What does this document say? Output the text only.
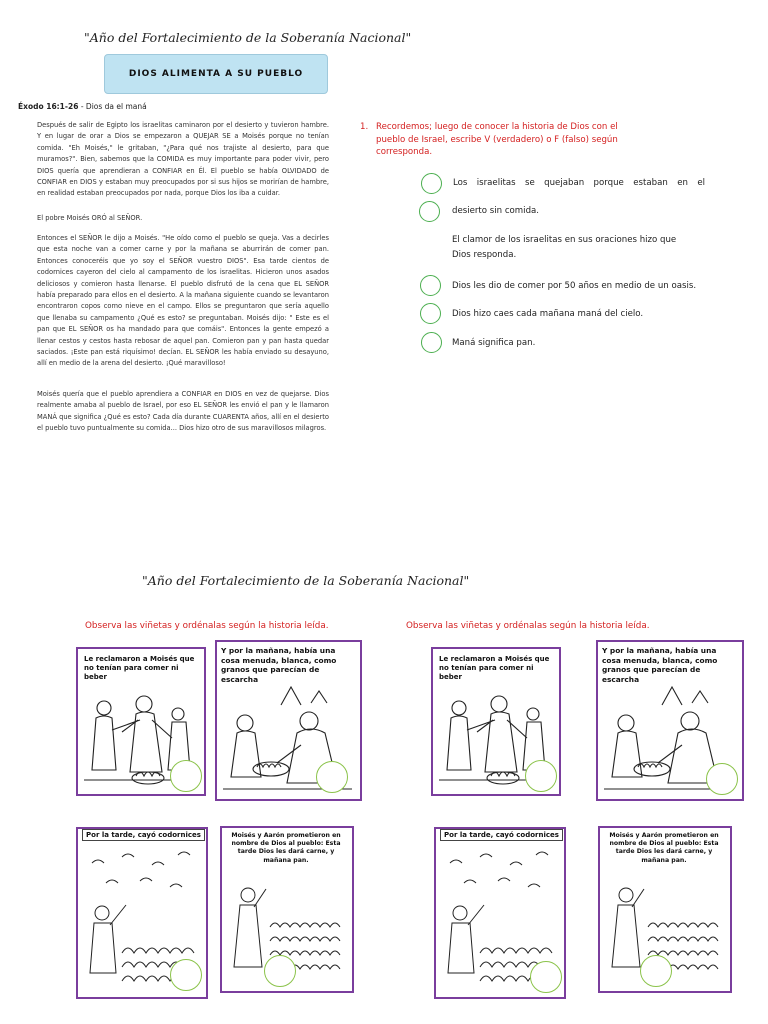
"Año del Fortalecimiento de la Soberanía Nacional"
DIOS ALIMENTA A SU PUEBLO
Éxodo 16:1-26 - Dios da el maná
Después de salir de Egipto los israelitas caminaron por el desierto y tuvieron hambre. Y en lugar de orar a Dios se empezaron a QUEJAR SE a Moisés porque no tenían comida. "Eh Moisés," le gritaban, "¿Para qué nos trajiste al desierto, para que muramos?". Bien, sabemos que la COMIDA es muy importante para poder vivir, pero DIOS quería que aprendieran a CONFIAR en Él. El pueblo se había OLVIDADO de CONFIAR en DIOS y estaban muy preocupados por si sus hijos se morirían de hambre, en realidad estaban preocupados por nada, porque Dios los iba a cuidar.
El pobre Moisés ORÓ al SEÑOR.
Entonces el SEÑOR le dijo a Moisés. "He oído como el pueblo se queja. Vas a decirles que esta noche van a comer carne y por la mañana se aburrirán de comer pan. Entonces conoceréis que yo soy el SEÑOR vuestro DIOS". Esa tarde cientos de codornices cayeron del cielo al campamento de los israelitas. Hicieron unos asados deliciosos y comieron hasta llenarse. El pueblo disfrutó de la cena que EL SEÑOR había preparado para ellos en el desierto. A la mañana siguiente cuando se levantaron encontraron copos como nieve en el campo. Ellos se preguntaron que sería aquello que llenaba su campamento ¿Qué es esto? se preguntaban. Moisés dijo: " Este es el pan que EL SEÑOR os ha mandado para que comáis". Entonces la gente empezó a llenar cestos y cestos hasta rebosar de aquel pan. Comieron pan y pan hasta quedar saciados. ¡Este pan está riquísimo! decían. EL SEÑOR les había enviado su desayuno, allí en medio de la arena del desierto. ¡Qué maravilloso!
Moisés quería que el pueblo aprendiera a CONFIAR en DIOS en vez de quejarse. Dios realmente amaba al pueblo de Israel, por eso EL SEÑOR les envió el pan y le llamaron MANÁ que significa ¿Qué es esto? Cada día durante CUARENTA años, allí en el desierto el pueblo tuvo puntualmente su comida... Dios hizo otro de sus maravillosos milagros.
1. Recordemos; luego de conocer la historia de Dios con el
pueblo de Israel, escribe V (verdadero) o F (falso) según
corresponda.
Los israelitas se quejaban porque estaban en el
desierto sin comida.
El clamor de los israelitas en sus oraciones hizo que
Dios responda.
Dios les dio de comer por 50 años en medio de un oasis.
Dios hizo caes cada mañana maná del cielo.
Maná significa pan.
"Año del Fortalecimiento de la Soberanía Nacional"
Observa las viñetas y ordénalas según la historia leída.	Observa las viñetas y ordénalas según la historia leída.
Le reclamaron a Moisés que no tenían para comer ni beber
Y por la mañana, había una cosa menuda, blanca, como granos que parecían de escarcha
Por la tarde, cayó codornices	Moisés y Aarón prometieron en nombre de Dios al pueblo: Esta tarde Dios les dará carne, y mañana pan.
Le reclamaron a Moisés que no tenían para comer ni beber
Y por la mañana, había una cosa menuda, blanca, como granos que parecían de escarcha
Por la tarde, cayó codornices	Moisés y Aarón prometieron en nombre de Dios al pueblo: Esta tarde Dios les dará carne, y mañana pan.
